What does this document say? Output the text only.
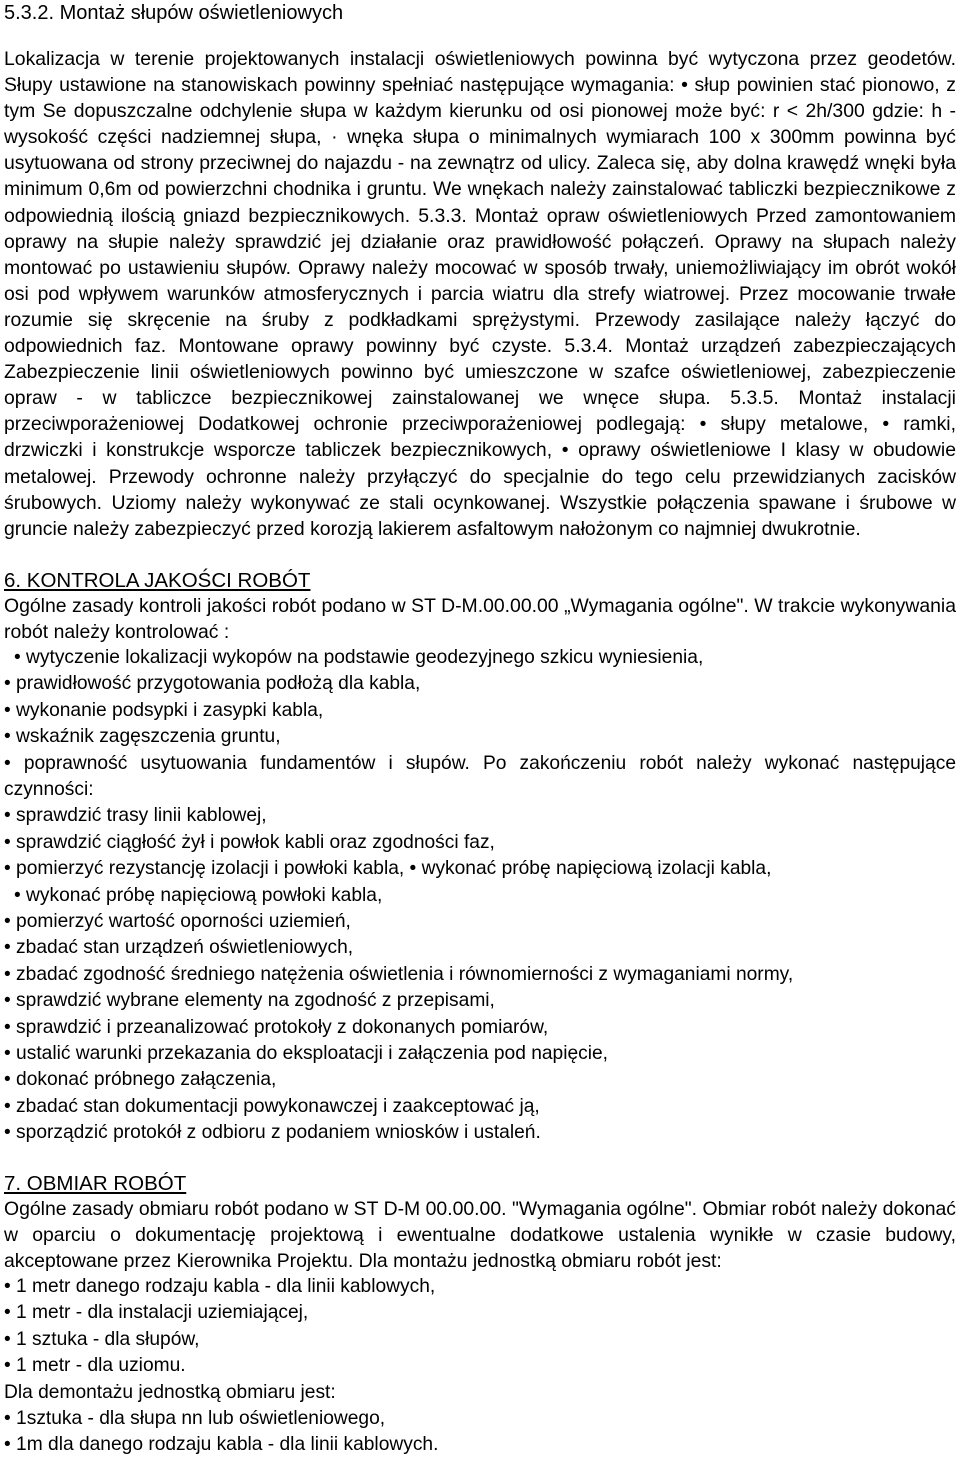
5.3.2. Montaż słupów oświetleniowych

Lokalizacja w terenie projektowanych instalacji oświetleniowych powinna być wytyczona przez geodetów. Słupy ustawione na stanowiskach powinny spełniać następujące wymagania: • słup powinien stać pionowo, z tym Se dopuszczalne odchylenie słupa w każdym kierunku od osi pionowej może być: r < 2h/300 gdzie: h - wysokość części nadziemnej słupa, · wnęka słupa o minimalnych wymiarach 100 x 300mm powinna być usytuowana od strony przeciwnej do najazdu - na zewnątrz od ulicy. Zaleca się, aby dolna krawędź wnęki była minimum 0,6m od powierzchni chodnika i gruntu. We wnękach należy zainstalować tabliczki bezpiecznikowe z odpowiednią ilością gniazd bezpiecznikowych. 5.3.3. Montaż opraw oświetleniowych Przed zamontowaniem oprawy na słupie należy sprawdzić jej działanie oraz prawidłowość połączeń. Oprawy na słupach należy montować po ustawieniu słupów. Oprawy należy mocować w sposób trwały, uniemożliwiający im obrót wokół osi pod wpływem warunków atmosferycznych i parcia wiatru dla strefy wiatrowej. Przez mocowanie trwałe rozumie się skręcenie na śruby z podkładkami sprężystymi. Przewody zasilające należy łączyć do odpowiednich faz. Montowane oprawy powinny być czyste. 5.3.4. Montaż urządzeń zabezpieczających Zabezpieczenie linii oświetleniowych powinno być umieszczone w szafce oświetleniowej, zabezpieczenie opraw - w tabliczce bezpiecznikowej zainstalowanej we wnęce słupa. 5.3.5. Montaż instalacji przeciwporażeniowej Dodatkowej ochronie przeciwporażeniowej podlegają: • słupy metalowe, • ramki, drzwiczki i konstrukcje wsporcze tabliczek bezpiecznikowych, • oprawy oświetleniowe I klasy w obudowie metalowej. Przewody ochronne należy przyłączyć do specjalnie do tego celu przewidzianych zacisków śrubowych. Uziomy należy wykonywać ze stali ocynkowanej. Wszystkie połączenia spawane i śrubowe w gruncie należy zabezpieczyć przed korozją lakierem asfaltowym nałożonym co najmniej dwukrotnie.

6. KONTROLA JAKOŚCI ROBÓT

Ogólne zasady kontroli jakości robót podano w ST D-M.00.00.00 „Wymagania ogólne". W trakcie wykonywania robót należy kontrolować :

• wytyczenie lokalizacji wykopów na podstawie geodezyjnego szkicu wyniesienia,

• prawidłowość przygotowania podłożą dla kabla,

• wykonanie podsypki i zasypki kabla,

• wskaźnik zagęszczenia gruntu,

• poprawność usytuowania fundamentów i słupów. Po zakończeniu robót należy wykonać następujące czynności:

• sprawdzić trasy linii kablowej,

• sprawdzić ciągłość żył i powłok kabli oraz zgodności faz,

• pomierzyć rezystancję izolacji i powłoki kabla, • wykonać próbę napięciową izolacji kabla,

• wykonać próbę napięciową powłoki kabla,

• pomierzyć wartość oporności uziemień,

• zbadać stan urządzeń oświetleniowych,

• zbadać zgodność średniego natężenia oświetlenia i równomierności z wymaganiami normy,

• sprawdzić wybrane elementy na zgodność z przepisami,

• sprawdzić i przeanalizować protokoły z dokonanych pomiarów,

• ustalić warunki przekazania do eksploatacji i załączenia pod napięcie,

• dokonać próbnego załączenia,

• zbadać stan dokumentacji powykonawczej i zaakceptować ją,

• sporządzić protokół z odbioru z podaniem wniosków i ustaleń.

7. OBMIAR ROBÓT

Ogólne zasady obmiaru robót podano w ST D-M 00.00.00. "Wymagania ogólne". Obmiar robót należy dokonać w oparciu o dokumentację projektową i ewentualne dodatkowe ustalenia wynikłe w czasie budowy, akceptowane przez Kierownika Projektu. Dla montażu jednostką obmiaru robót jest:

• 1 metr danego rodzaju kabla - dla linii kablowych,

• 1 metr - dla instalacji uziemiającej,

• 1 sztuka - dla słupów,

• 1 metr - dla uziomu.

Dla demontażu jednostką obmiaru jest:

• 1sztuka - dla słupa nn lub oświetleniowego,

• 1m dla danego rodzaju kabla - dla linii kablowych.
